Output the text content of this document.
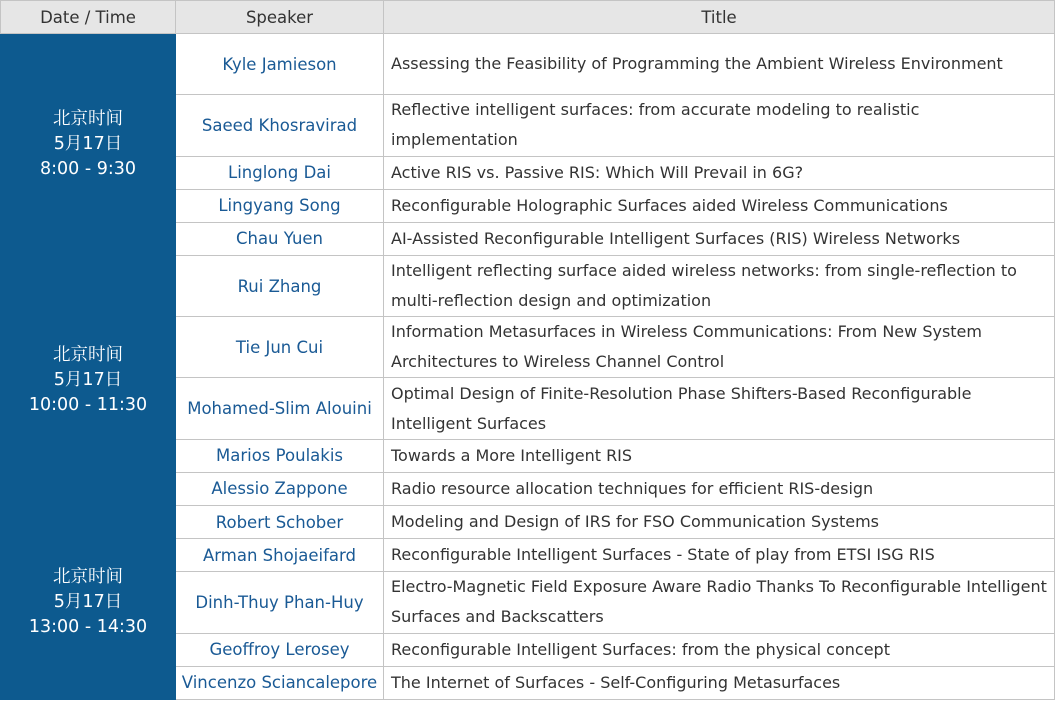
Date / Time	Speaker	Title

北京时间
5月17日
8:00 - 9:30	Kyle Jamieson	Assessing the Feasibility of Programming the Ambient Wireless Environment
	Saeed Khosravirad	Reflective intelligent surfaces: from accurate modeling to realistic implementation
	Linglong Dai	Active RIS vs. Passive RIS: Which Will Prevail in 6G?
	Lingyang Song	Reconfigurable Holographic Surfaces aided Wireless Communications
	Chau Yuen	AI-Assisted Reconfigurable Intelligent Surfaces (RIS) Wireless Networks

北京时间
5月17日
10:00 - 11:30	Rui Zhang	Intelligent reflecting surface aided wireless networks: from single-reflection to multi-reflection design and optimization
	Tie Jun Cui	Information Metasurfaces in Wireless Communications: From New System Architectures to Wireless Channel Control
	Mohamed-Slim Alouini	Optimal Design of Finite-Resolution Phase Shifters-Based Reconfigurable Intelligent Surfaces
	Marios Poulakis	Towards a More Intelligent RIS
	Alessio Zappone	Radio resource allocation techniques for efficient RIS-design

北京时间
5月17日
13:00 - 14:30	Robert Schober	Modeling and Design of IRS for FSO Communication Systems
	Arman Shojaeifard	Reconfigurable Intelligent Surfaces - State of play from ETSI ISG RIS
	Dinh-Thuy Phan-Huy	Electro-Magnetic Field Exposure Aware Radio Thanks To Reconfigurable Intelligent Surfaces and Backscatters
	Geoffroy Lerosey	Reconfigurable Intelligent Surfaces: from the physical concept
	Vincenzo Sciancalepore	The Internet of Surfaces - Self-Configuring Metasurfaces
